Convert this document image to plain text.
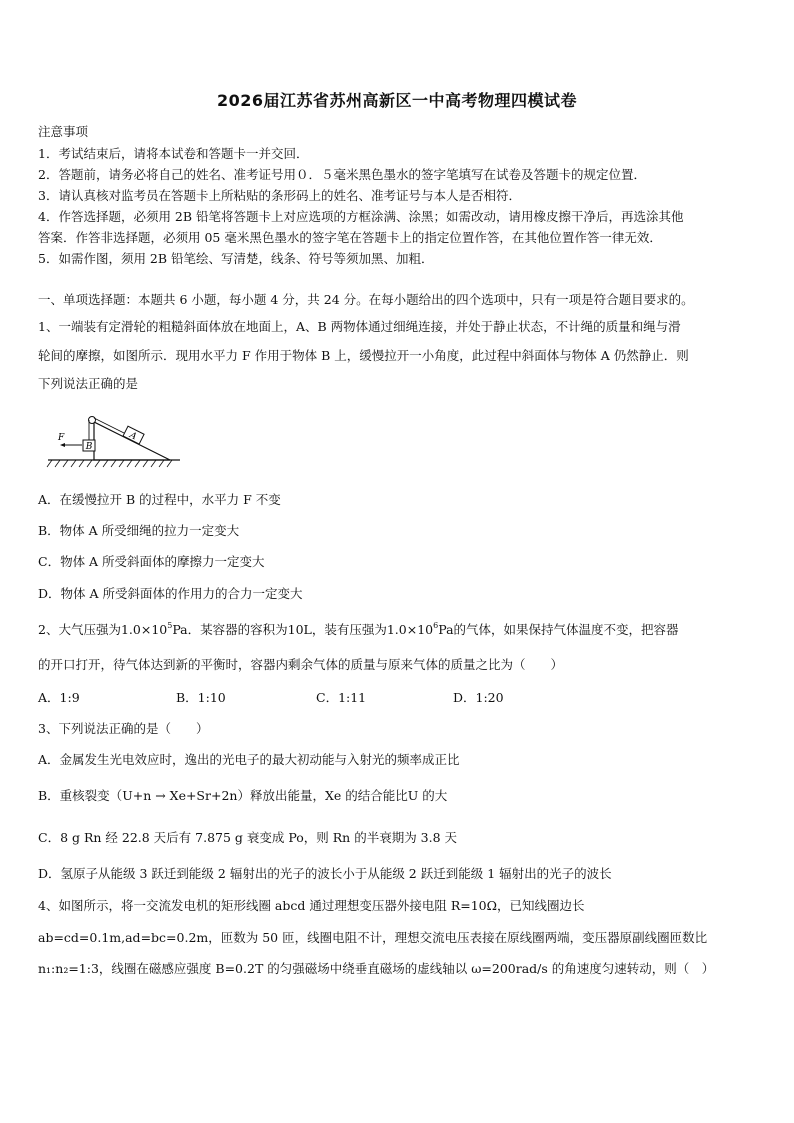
2026届江苏省苏州高新区一中高考物理四模试卷
注意事项
1．考试结束后，请将本试卷和答题卡一并交回．
2．答题前，请务必将自己的姓名、准考证号用０．５毫米黑色墨水的签字笔填写在试卷及答题卡的规定位置．
3．请认真核对监考员在答题卡上所粘贴的条形码上的姓名、准考证号与本人是否相符．
4．作答选择题，必须用 2B 铅笔将答题卡上对应选项的方框涂满、涂黑；如需改动，请用橡皮擦干净后，再选涂其他
答案．作答非选择题，必须用 05 毫米黑色墨水的签字笔在答题卡上的指定位置作答，在其他位置作答一律无效．
5．如需作图，须用 2B 铅笔绘、写清楚，线条、符号等须加黑、加粗．
一、单项选择题：本题共 6 小题，每小题 4 分，共 24 分。在每小题给出的四个选项中，只有一项是符合题目要求的。
1、一端装有定滑轮的粗糙斜面体放在地面上，A、B 两物体通过细绳连接，并处于静止状态，不计绳的质量和绳与滑
轮间的摩擦，如图所示．现用水平力 F 作用于物体 B 上，缓慢拉开一小角度，此过程中斜面体与物体 A 仍然静止．则
下列说法正确的是
B
A
F
A．在缓慢拉开 B 的过程中，水平力 F 不变
B．物体 A 所受细绳的拉力一定变大
C．物体 A 所受斜面体的摩擦力一定变大
D．物体 A 所受斜面体的作用力的合力一定变大
2、大气压强为$1.0\times 10^5Pa$．某容器的容积为10L，装有压强为$1.0\times 10^6Pa$的气体，如果保持气体温度不变，把容器
的开口打开，待气体达到新的平衡时，容器内剩余气体的质量与原来气体的质量之比为（　　）
A．1:9	B．1:10	C．1:11	D．1:20
3、下列说法正确的是（　　）
A．金属发生光电效应时，逸出的光电子的最大初动能与入射光的频率成正比
B．重核裂变（U+n → Xe+Sr+2n）释放出能量，Xe 的结合能比U 的大
C．8 g Rn 经 22.8 天后有 7.875 g 衰变成 Po，则 Rn 的半衰期为 3.8 天
D．氢原子从能级 3 跃迁到能级 2 辐射出的光子的波长小于从能级 2 跃迁到能级 1 辐射出的光子的波长
4、如图所示，将一交流发电机的矩形线圈 abcd 通过理想变压器外接电阻 R=10Ω，已知线圈边长
ab=cd=0.1m,ad=bc=0.2m，匝数为 50 匝，线圈电阻不计，理想交流电压表接在原线圈两端，变压器原副线圈匝数比
n₁:n₂=1:3，线圈在磁感应强度 B=0.2T 的匀强磁场中绕垂直磁场的虚线轴以 ω=200rad/s 的角速度匀速转动，则（　）
